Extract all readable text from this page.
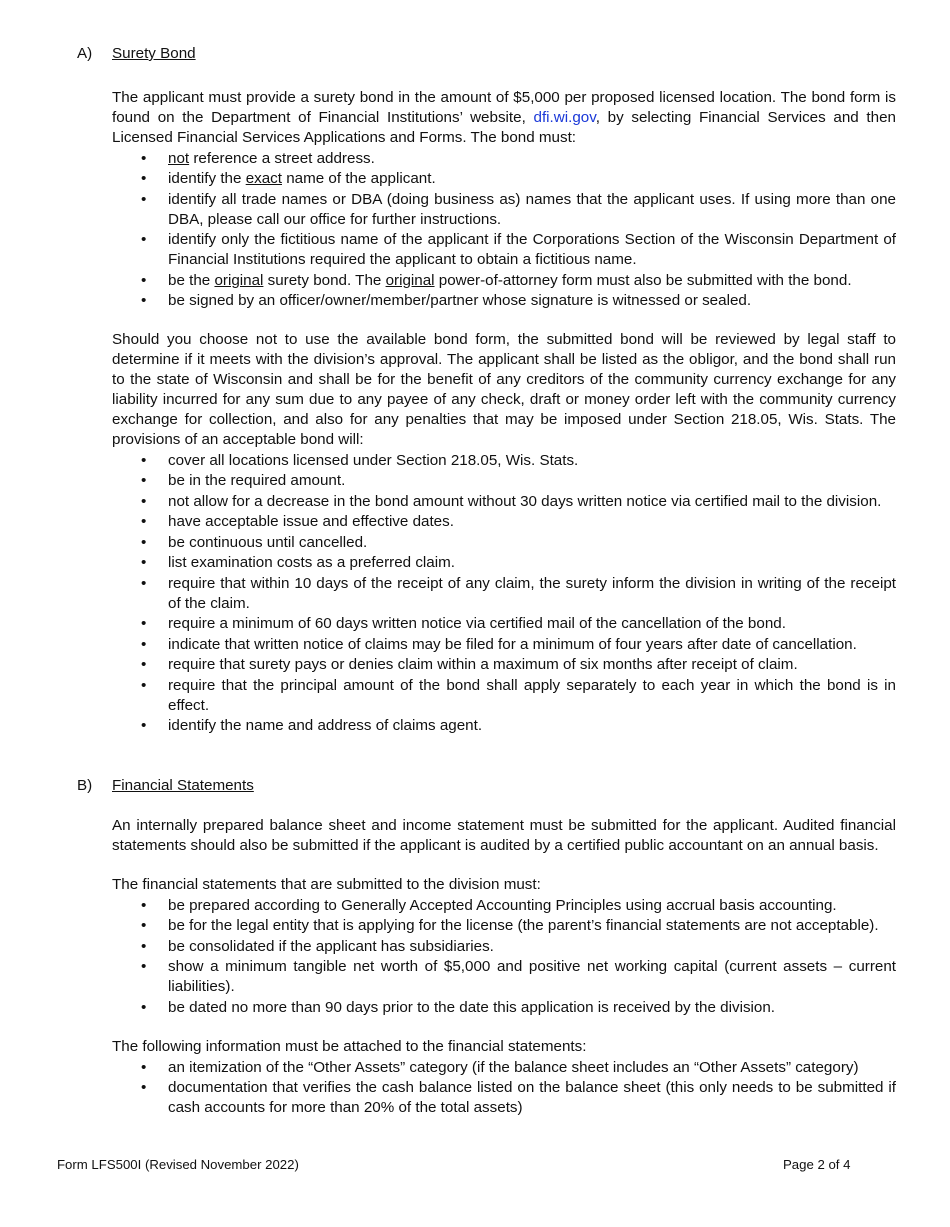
A)	Surety Bond

The applicant must provide a surety bond in the amount of $5,000 per proposed licensed location. The bond form is found on the Department of Financial Institutions’ website, dfi.wi.gov, by selecting Financial Services and then Licensed Financial Services Applications and Forms. The bond must:

• not reference a street address.
• identify the exact name of the applicant.
• identify all trade names or DBA (doing business as) names that the applicant uses. If using more than one DBA, please call our office for further instructions.
• identify only the fictitious name of the applicant if the Corporations Section of the Wisconsin Department of Financial Institutions required the applicant to obtain a fictitious name.
• be the original surety bond. The original power-of-attorney form must also be submitted with the bond.
• be signed by an officer/owner/member/partner whose signature is witnessed or sealed.

Should you choose not to use the available bond form, the submitted bond will be reviewed by legal staff to determine if it meets with the division’s approval. The applicant shall be listed as the obligor, and the bond shall run to the state of Wisconsin and shall be for the benefit of any creditors of the community currency exchange for any liability incurred for any sum due to any payee of any check, draft or money order left with the community currency exchange for collection, and also for any penalties that may be imposed under Section 218.05, Wis. Stats. The provisions of an acceptable bond will:

• cover all locations licensed under Section 218.05, Wis. Stats.
• be in the required amount.
• not allow for a decrease in the bond amount without 30 days written notice via certified mail to the division.
• have acceptable issue and effective dates.
• be continuous until cancelled.
• list examination costs as a preferred claim.
• require that within 10 days of the receipt of any claim, the surety inform the division in writing of the receipt of the claim.
• require a minimum of 60 days written notice via certified mail of the cancellation of the bond.
• indicate that written notice of claims may be filed for a minimum of four years after date of cancellation.
• require that surety pays or denies claim within a maximum of six months after receipt of claim.
• require that the principal amount of the bond shall apply separately to each year in which the bond is in effect.
• identify the name and address of claims agent.
B)	Financial Statements

An internally prepared balance sheet and income statement must be submitted for the applicant. Audited financial statements should also be submitted if the applicant is audited by a certified public accountant on an annual basis.

The financial statements that are submitted to the division must:

• be prepared according to Generally Accepted Accounting Principles using accrual basis accounting.
• be for the legal entity that is applying for the license (the parent’s financial statements are not acceptable).
• be consolidated if the applicant has subsidiaries.
• show a minimum tangible net worth of $5,000 and positive net working capital (current assets – current liabilities).
• be dated no more than 90 days prior to the date this application is received by the division.

The following information must be attached to the financial statements:

• an itemization of the “Other Assets” category (if the balance sheet includes an “Other Assets” category)
• documentation that verifies the cash balance listed on the balance sheet (this only needs to be submitted if cash accounts for more than 20% of the total assets)
Form LFS500I (Revised November 2022)	Page 2 of 4
